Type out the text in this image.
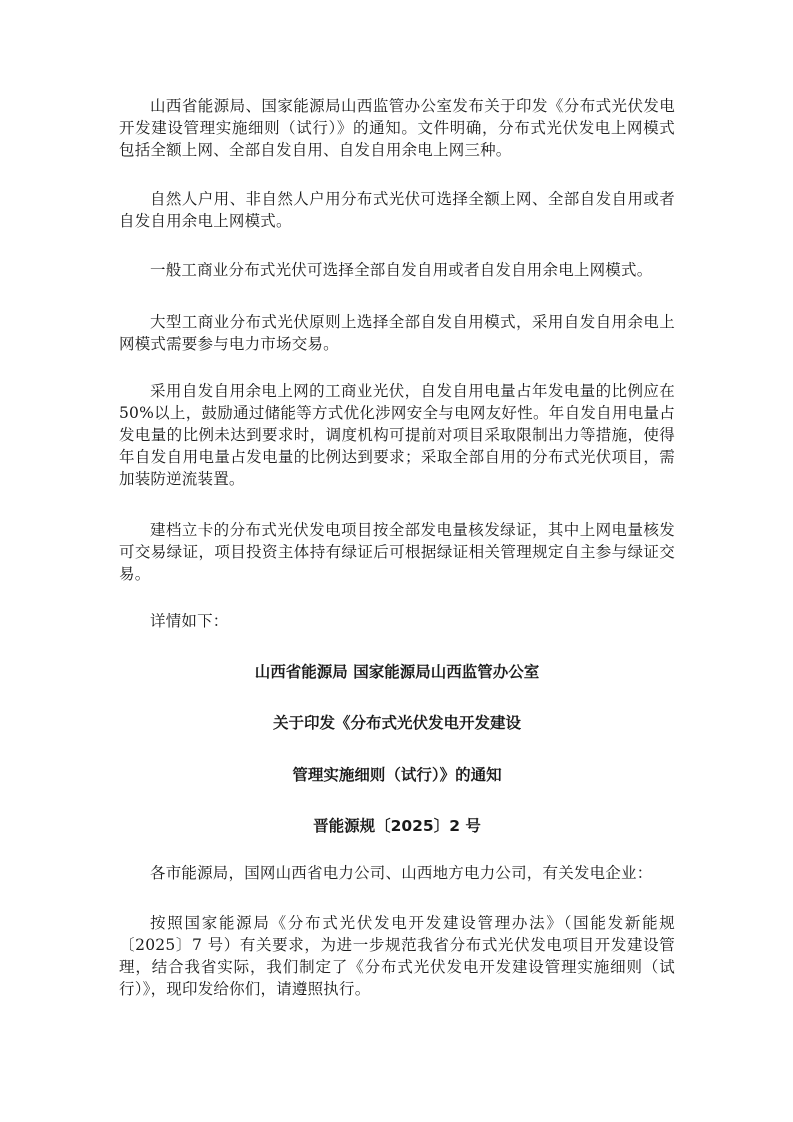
山西省能源局、国家能源局山西监管办公室发布关于印发《分布式光伏发电开发建设管理实施细则（试行）》的通知。文件明确，分布式光伏发电上网模式包括全额上网、全部自发自用、自发自用余电上网三种。

自然人户用、非自然人户用分布式光伏可选择全额上网、全部自发自用或者自发自用余电上网模式。

一般工商业分布式光伏可选择全部自发自用或者自发自用余电上网模式。

大型工商业分布式光伏原则上选择全部自发自用模式，采用自发自用余电上网模式需要参与电力市场交易。

采用自发自用余电上网的工商业光伏，自发自用电量占年发电量的比例应在50%以上，鼓励通过储能等方式优化涉网安全与电网友好性。年自发自用电量占发电量的比例未达到要求时，调度机构可提前对项目采取限制出力等措施，使得年自发自用电量占发电量的比例达到要求；采取全部自用的分布式光伏项目，需加装防逆流装置。

建档立卡的分布式光伏发电项目按全部发电量核发绿证，其中上网电量核发可交易绿证，项目投资主体持有绿证后可根据绿证相关管理规定自主参与绿证交易。

详情如下：

山西省能源局 国家能源局山西监管办公室

关于印发《分布式光伏发电开发建设

管理实施细则（试行）》的通知

晋能源规〔2025〕2 号

各市能源局，国网山西省电力公司、山西地方电力公司，有关发电企业：

按照国家能源局《分布式光伏发电开发建设管理办法》（国能发新能规〔2025〕7 号）有关要求，为进一步规范我省分布式光伏发电项目开发建设管理，结合我省实际，我们制定了《分布式光伏发电开发建设管理实施细则（试行）》，现印发给你们，请遵照执行。
